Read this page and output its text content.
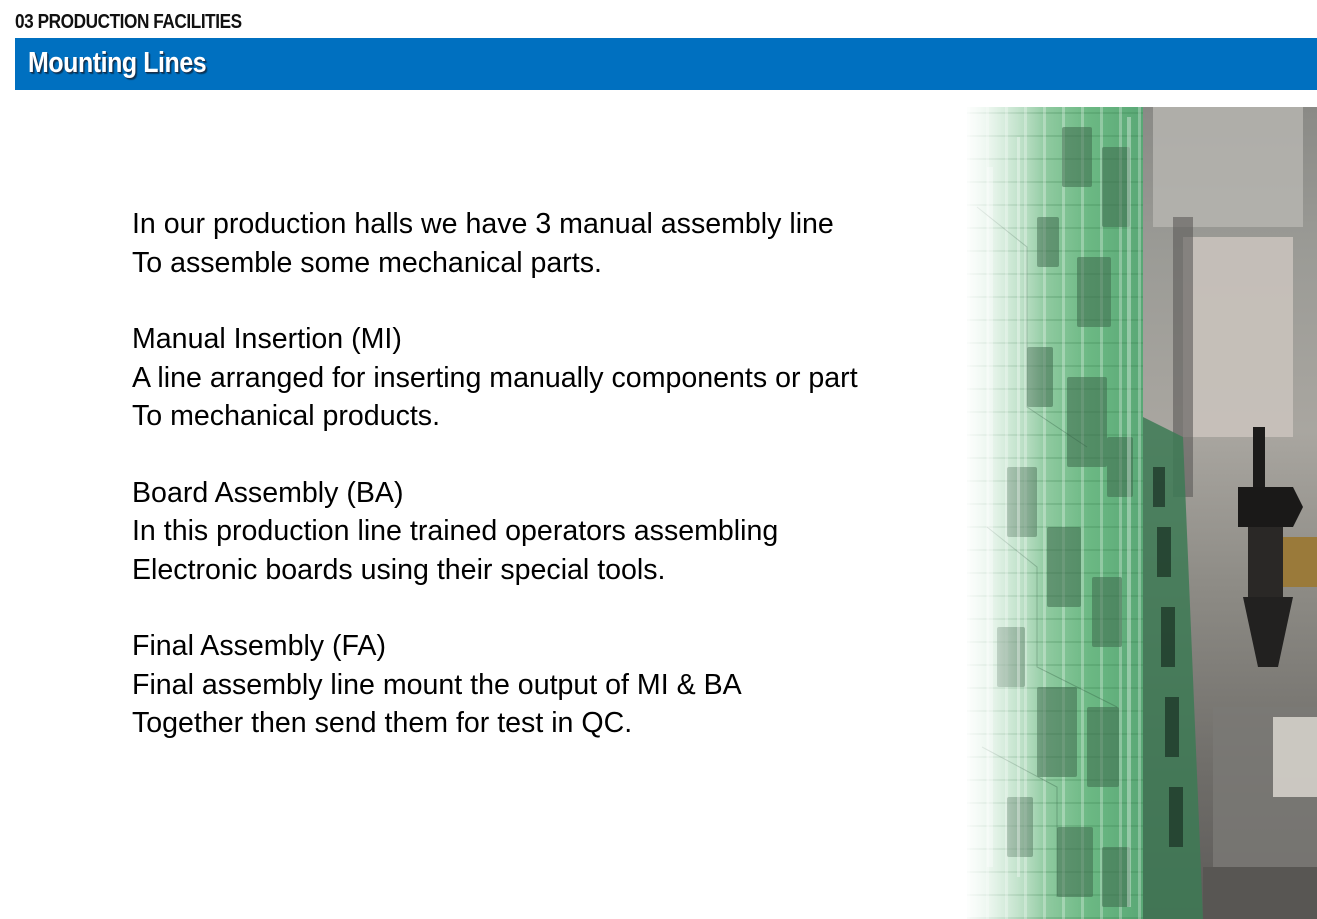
03 PRODUCTION FACILITIES
Mounting Lines
In our production halls we have 3 manual assembly line
To assemble some mechanical parts.
Manual Insertion (MI)
A line arranged for inserting manually components or part
To mechanical products.
Board Assembly (BA)
In this production line trained operators assembling
Electronic boards using their special tools.
Final Assembly (FA)
Final assembly line mount the output of MI & BA
Together then send them for test in QC.
